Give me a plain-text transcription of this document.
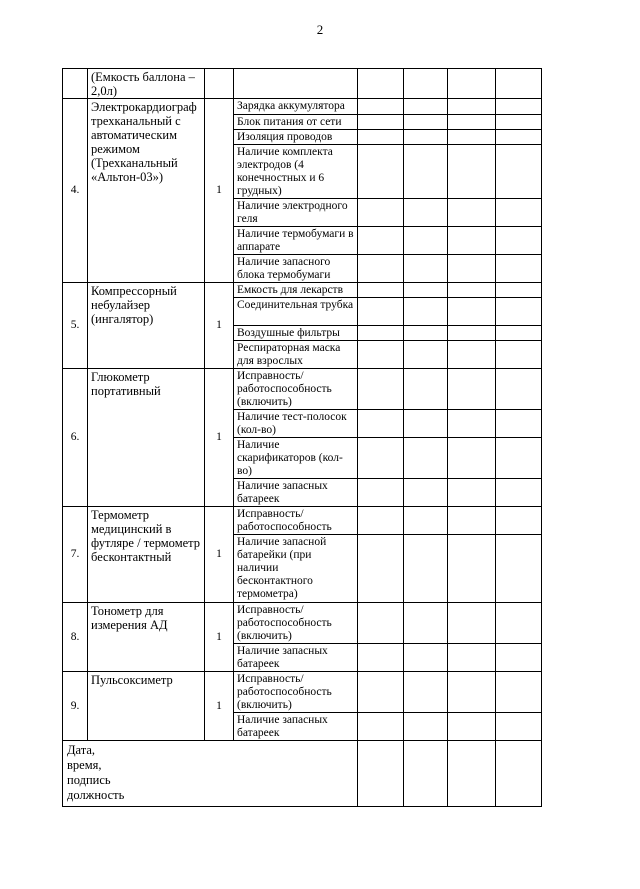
2
	(Емкость баллона – 2,0л)						
4.	Электрокардиограф трехканальный с автоматическим режимом (Трехканальный «Альтон-03»)	1	Зарядка аккумулятора				
			Блок питания от сети				
			Изоляция проводов				
			Наличие комплекта электродов (4 конечностных и 6 грудных)				
			Наличие электродного геля				
			Наличие термобумаги в аппарате				
			Наличие запасного блока термобумаги				
5.	Компрессорный небулайзер (ингалятор)	1	Емкость для лекарств				
			Соединительная трубка				
			Воздушные фильтры				
			Респираторная маска для взрослых				
6.	Глюкометр портативный	1	Исправность/работоспособность (включить)				
			Наличие тест-полосок (кол-во)				
			Наличие скарификаторов (кол-во)				
			Наличие запасных батареек				
7.	Термометр медицинский в футляре / термометр бесконтактный	1	Исправность/работоспособность				
			Наличие запасной батарейки (при наличии бесконтактного термометра)				
8.	Тонометр для измерения АД	1	Исправность/работоспособность (включить)				
			Наличие запасных батареек				
9.	Пульсоксиметр	1	Исправность/работоспособность (включить)				
			Наличие запасных батареек				
Дата, время, подпись должность							
